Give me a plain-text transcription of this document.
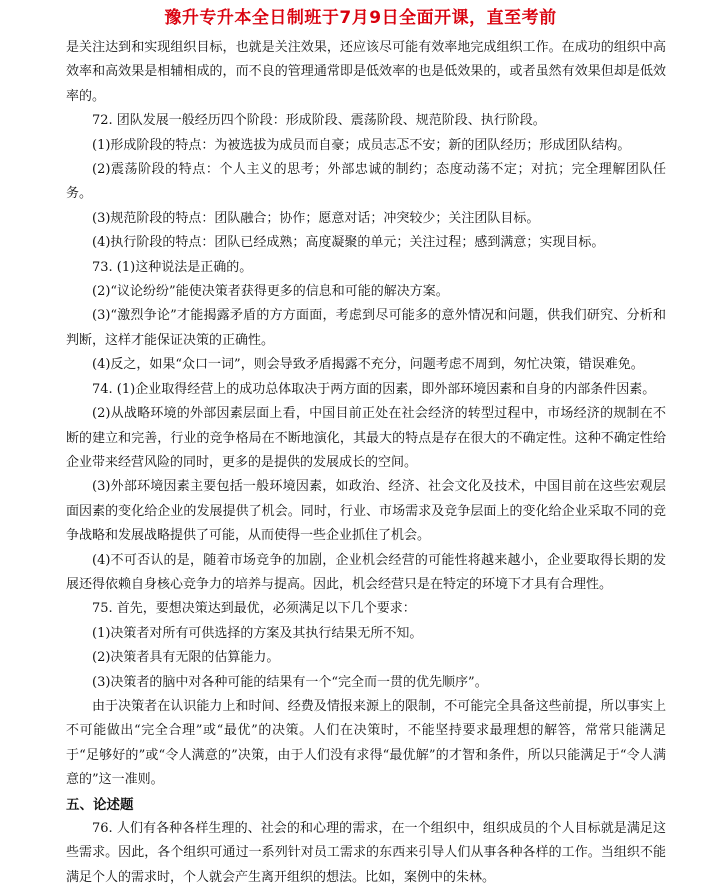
豫升专升本全日制班于7月9日全面开课，直至考前

是关注达到和实现组织目标，也就是关注效果，还应该尽可能有效率地完成组织工作。在成功的组织中高效率和高效果是相辅相成的，而不良的管理通常即是低效率的也是低效果的，或者虽然有效果但却是低效率的。

72. 团队发展一般经历四个阶段：形成阶段、震荡阶段、规范阶段、执行阶段。

(1)形成阶段的特点：为被选拔为成员而自豪；成员志忑不安；新的团队经历；形成团队结构。

(2)震荡阶段的特点：个人主义的思考；外部忠诚的制约；态度动荡不定；对抗；完全理解团队任务。

(3)规范阶段的特点：团队融合；协作；愿意对话；冲突较少；关注团队目标。

(4)执行阶段的特点：团队已经成熟；高度凝聚的单元；关注过程；感到满意；实现目标。

73. (1)这种说法是正确的。

(2)“议论纷纷”能使决策者获得更多的信息和可能的解决方案。

(3)“激烈争论”才能揭露矛盾的方方面面，考虑到尽可能多的意外情况和问题，供我们研究、分析和判断，这样才能保证决策的正确性。

(4)反之，如果“众口一词”，则会导致矛盾揭露不充分，问题考虑不周到，匆忙决策，错误难免。

74. (1)企业取得经营上的成功总体取决于两方面的因素，即外部环境因素和自身的内部条件因素。

(2)从战略环境的外部因素层面上看，中国目前正处在社会经济的转型过程中，市场经济的规制在不断的建立和完善，行业的竞争格局在不断地演化，其最大的特点是存在很大的不确定性。这种不确定性给企业带来经营风险的同时，更多的是提供的发展成长的空间。

(3)外部环境因素主要包括一般环境因素，如政治、经济、社会文化及技术，中国目前在这些宏观层面因素的变化给企业的发展提供了机会。同时，行业、市场需求及竞争层面上的变化给企业采取不同的竞争战略和发展战略提供了可能，从而使得一些企业抓住了机会。

(4)不可否认的是，随着市场竞争的加剧，企业机会经营的可能性将越来越小，企业要取得长期的发展还得依赖自身核心竞争力的培养与提高。因此，机会经营只是在特定的环境下才具有合理性。

75. 首先，要想决策达到最优，必须满足以下几个要求：

(1)决策者对所有可供选择的方案及其执行结果无所不知。

(2)决策者具有无限的估算能力。

(3)决策者的脑中对各种可能的结果有一个“完全而一贯的优先顺序”。

由于决策者在认识能力上和时间、经费及情报来源上的限制，不可能完全具备这些前提，所以事实上不可能做出“完全合理”或“最优”的决策。人们在决策时，不能坚持要求最理想的解答，常常只能满足于“足够好的”或“令人满意的”决策，由于人们没有求得“最优解”的才智和条件，所以只能满足于“令人满意的”这一准则。

五、论述题

76. 人们有各种各样生理的、社会的和心理的需求，在一个组织中，组织成员的个人目标就是满足这些需求。因此，各个组织可通过一系列针对员工需求的东西来引导人们从事各种各样的工作。当组织不能满足个人的需求时，个人就会产生离开组织的想法。比如，案例中的朱林。
